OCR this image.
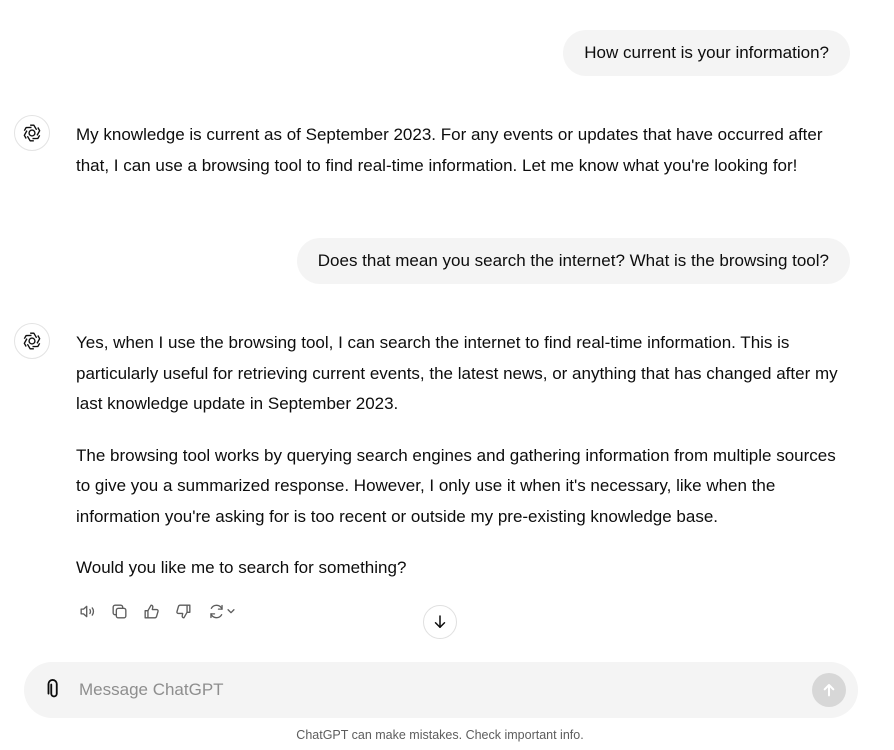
How current is your information?

My knowledge is current as of September 2023. For any events or updates that have occurred after that, I can use a browsing tool to find real-time information. Let me know what you're looking for!

Does that mean you search the internet? What is the browsing tool?

Yes, when I use the browsing tool, I can search the internet to find real-time information. This is particularly useful for retrieving current events, the latest news, or anything that has changed after my last knowledge update in September 2023.

The browsing tool works by querying search engines and gathering information from multiple sources to give you a summarized response. However, I only use it when it's necessary, like when the information you're asking for is too recent or outside my pre-existing knowledge base.

Would you like me to search for something?

Message ChatGPT
ChatGPT can make mistakes. Check important info.
